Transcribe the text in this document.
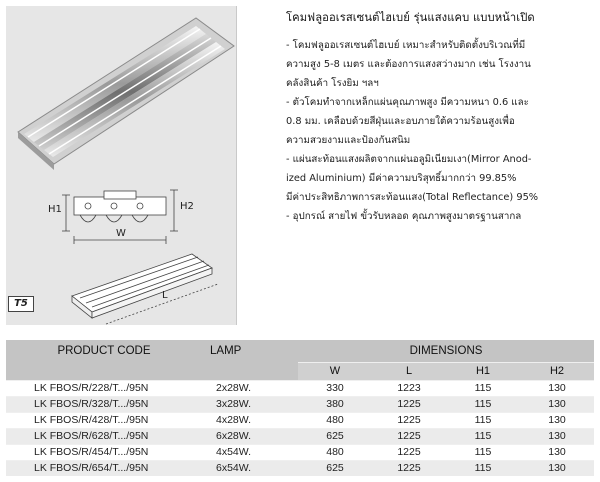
H1	H2
W
L
T5
โคมฟลูออเรสเซนต์ไฮเบย์ รุ่นแสงแคบ แบบหน้าเปิด
- โคมฟลูออเรสเซนต์ไฮเบย์ เหมาะสำหรับติดตั้งบริเวณที่มี
ความสูง 5-8 เมตร และต้องการแสงสว่างมาก เช่น โรงงาน
คลังสินค้า โรงยิม ฯลฯ
- ตัวโคมทำจากเหล็กแผ่นคุณภาพสูง มีความหนา 0.6 และ
0.8 มม. เคลือบด้วยสีฝุ่นและอบภายใต้ความร้อนสูงเพื่อ
ความสวยงามและป้องกันสนิม
- แผ่นสะท้อนแสงผลิตจากแผ่นอลูมิเนียมเงา(Mirror Anod-
ized Aluminium) มีค่าความบริสุทธิ์มากกว่า 99.85%
มีค่าประสิทธิภาพการสะท้อนแสง(Total Reflectance) 95%
- อุปกรณ์ สายไฟ ขั้วรับหลอด คุณภาพสูงมาตรฐานสากล
PRODUCT CODE	LAMP	DIMENSIONS			
		W	L	H1	H2
LK FBOS/R/228/T.../95N	2x28W.	330	1223	115	130
LK FBOS/R/328/T.../95N	3x28W.	380	1225	115	130
LK FBOS/R/428/T.../95N	4x28W.	480	1225	115	130
LK FBOS/R/628/T.../95N	6x28W.	625	1225	115	130
LK FBOS/R/454/T.../95N	4x54W.	480	1225	115	130
LK FBOS/R/654/T.../95N	6x54W.	625	1225	115	130
